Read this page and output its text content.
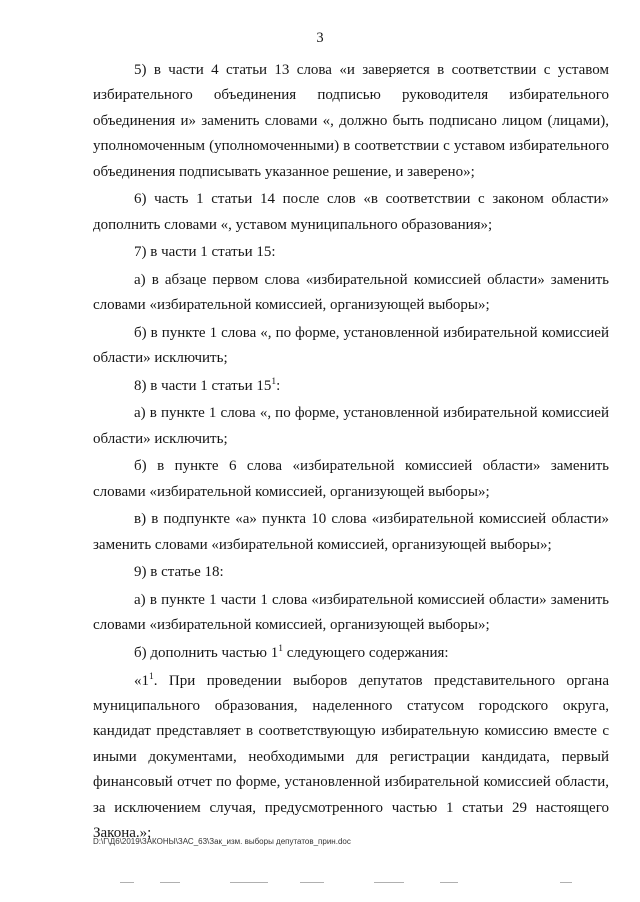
3

5) в части 4 статьи 13 слова «и заверяется в соответствии с уставом избирательного объединения подписью руководителя избирательного объединения и» заменить словами «, должно быть подписано лицом (лицами), уполномоченным (уполномоченными) в соответствии с уставом избирательного объединения подписывать указанное решение, и заверено»;

6) часть 1 статьи 14 после слов «в соответствии с законом области» дополнить словами «, уставом муниципального образования»;

7) в части 1 статьи 15:

а) в абзаце первом слова «избирательной комиссией области» заменить словами «избирательной комиссией, организующей выборы»;

б) в пункте 1 слова «, по форме, установленной избирательной комиссией области» исключить;

8) в части 1 статьи $15^1$:

а) в пункте 1 слова «, по форме, установленной избирательной комиссией области» исключить;

б) в пункте 6 слова «избирательной комиссией области» заменить словами «избирательной комиссией, организующей выборы»;

в) в подпункте «а» пункта 10 слова «избирательной комиссией области» заменить словами «избирательной комиссией, организующей выборы»;

9) в статье 18:

а) в пункте 1 части 1 слова «избирательной комиссией области» заменить словами «избирательной комиссией, организующей выборы»;

б) дополнить частью $1^1$ следующего содержания:

«$1^1$. При проведении выборов депутатов представительного органа муниципального образования, наделенного статусом городского округа, кандидат представляет в соответствующую избирательную комиссию вместе с иными документами, необходимыми для регистрации кандидата, первый финансовый отчет по форме, установленной избирательной комиссией области, за исключением случая, предусмотренного частью 1 статьи 29 настоящего Закона.»;

D:\Г\Д6\2019\ЗАКОНЫ\ЗАС_63\Зак_изм. выборы депутатов_прин.doc
